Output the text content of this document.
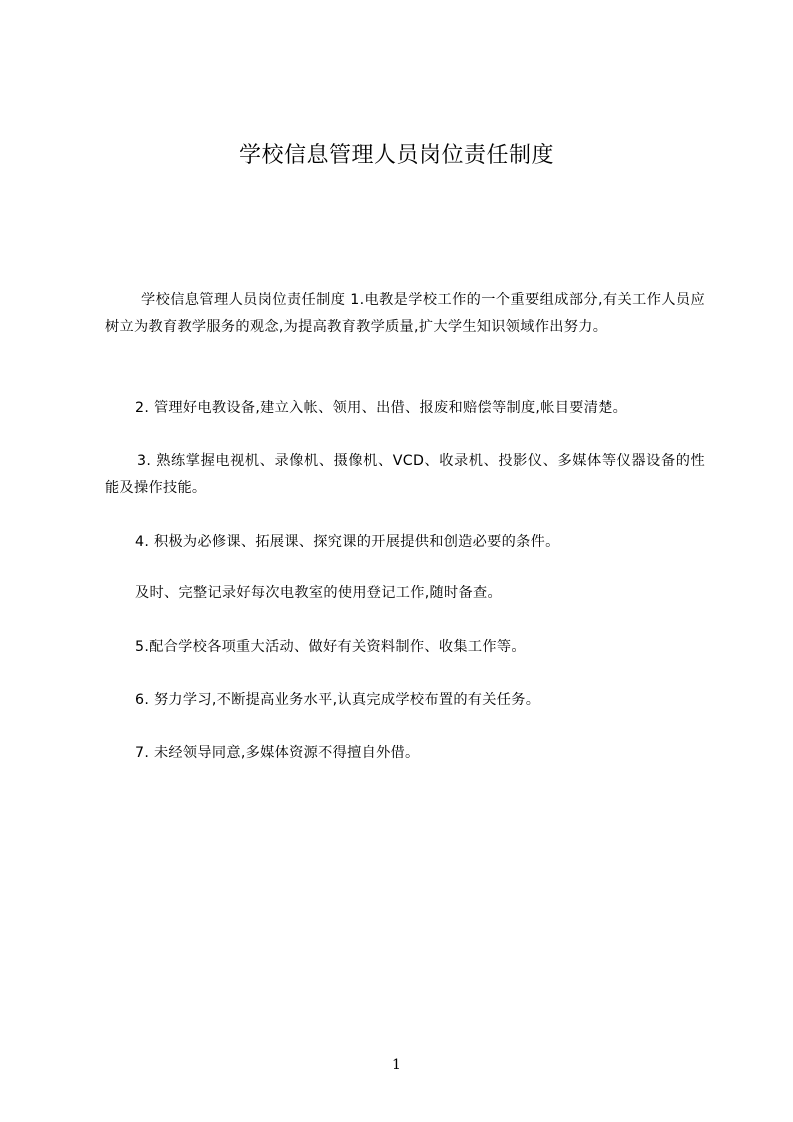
学校信息管理人员岗位责任制度
学校信息管理人员岗位责任制度 1.电教是学校工作的一个重要组成部分,有关工作人员应树立为教育教学服务的观念,为提高教育教学质量,扩大学生知识领域作出努力。
2. 管理好电教设备,建立入帐、领用、出借、报废和赔偿等制度,帐目要清楚。
3. 熟练掌握电视机、录像机、摄像机、VCD、收录机、投影仪、多媒体等仪器设备的性能及操作技能。
4. 积极为必修课、拓展课、探究课的开展提供和创造必要的条件。
及时、完整记录好每次电教室的使用登记工作,随时备查。
5.配合学校各项重大活动、做好有关资料制作、收集工作等。
6. 努力学习,不断提高业务水平,认真完成学校布置的有关任务。
7. 未经领导同意,多媒体资源不得擅自外借。
1
